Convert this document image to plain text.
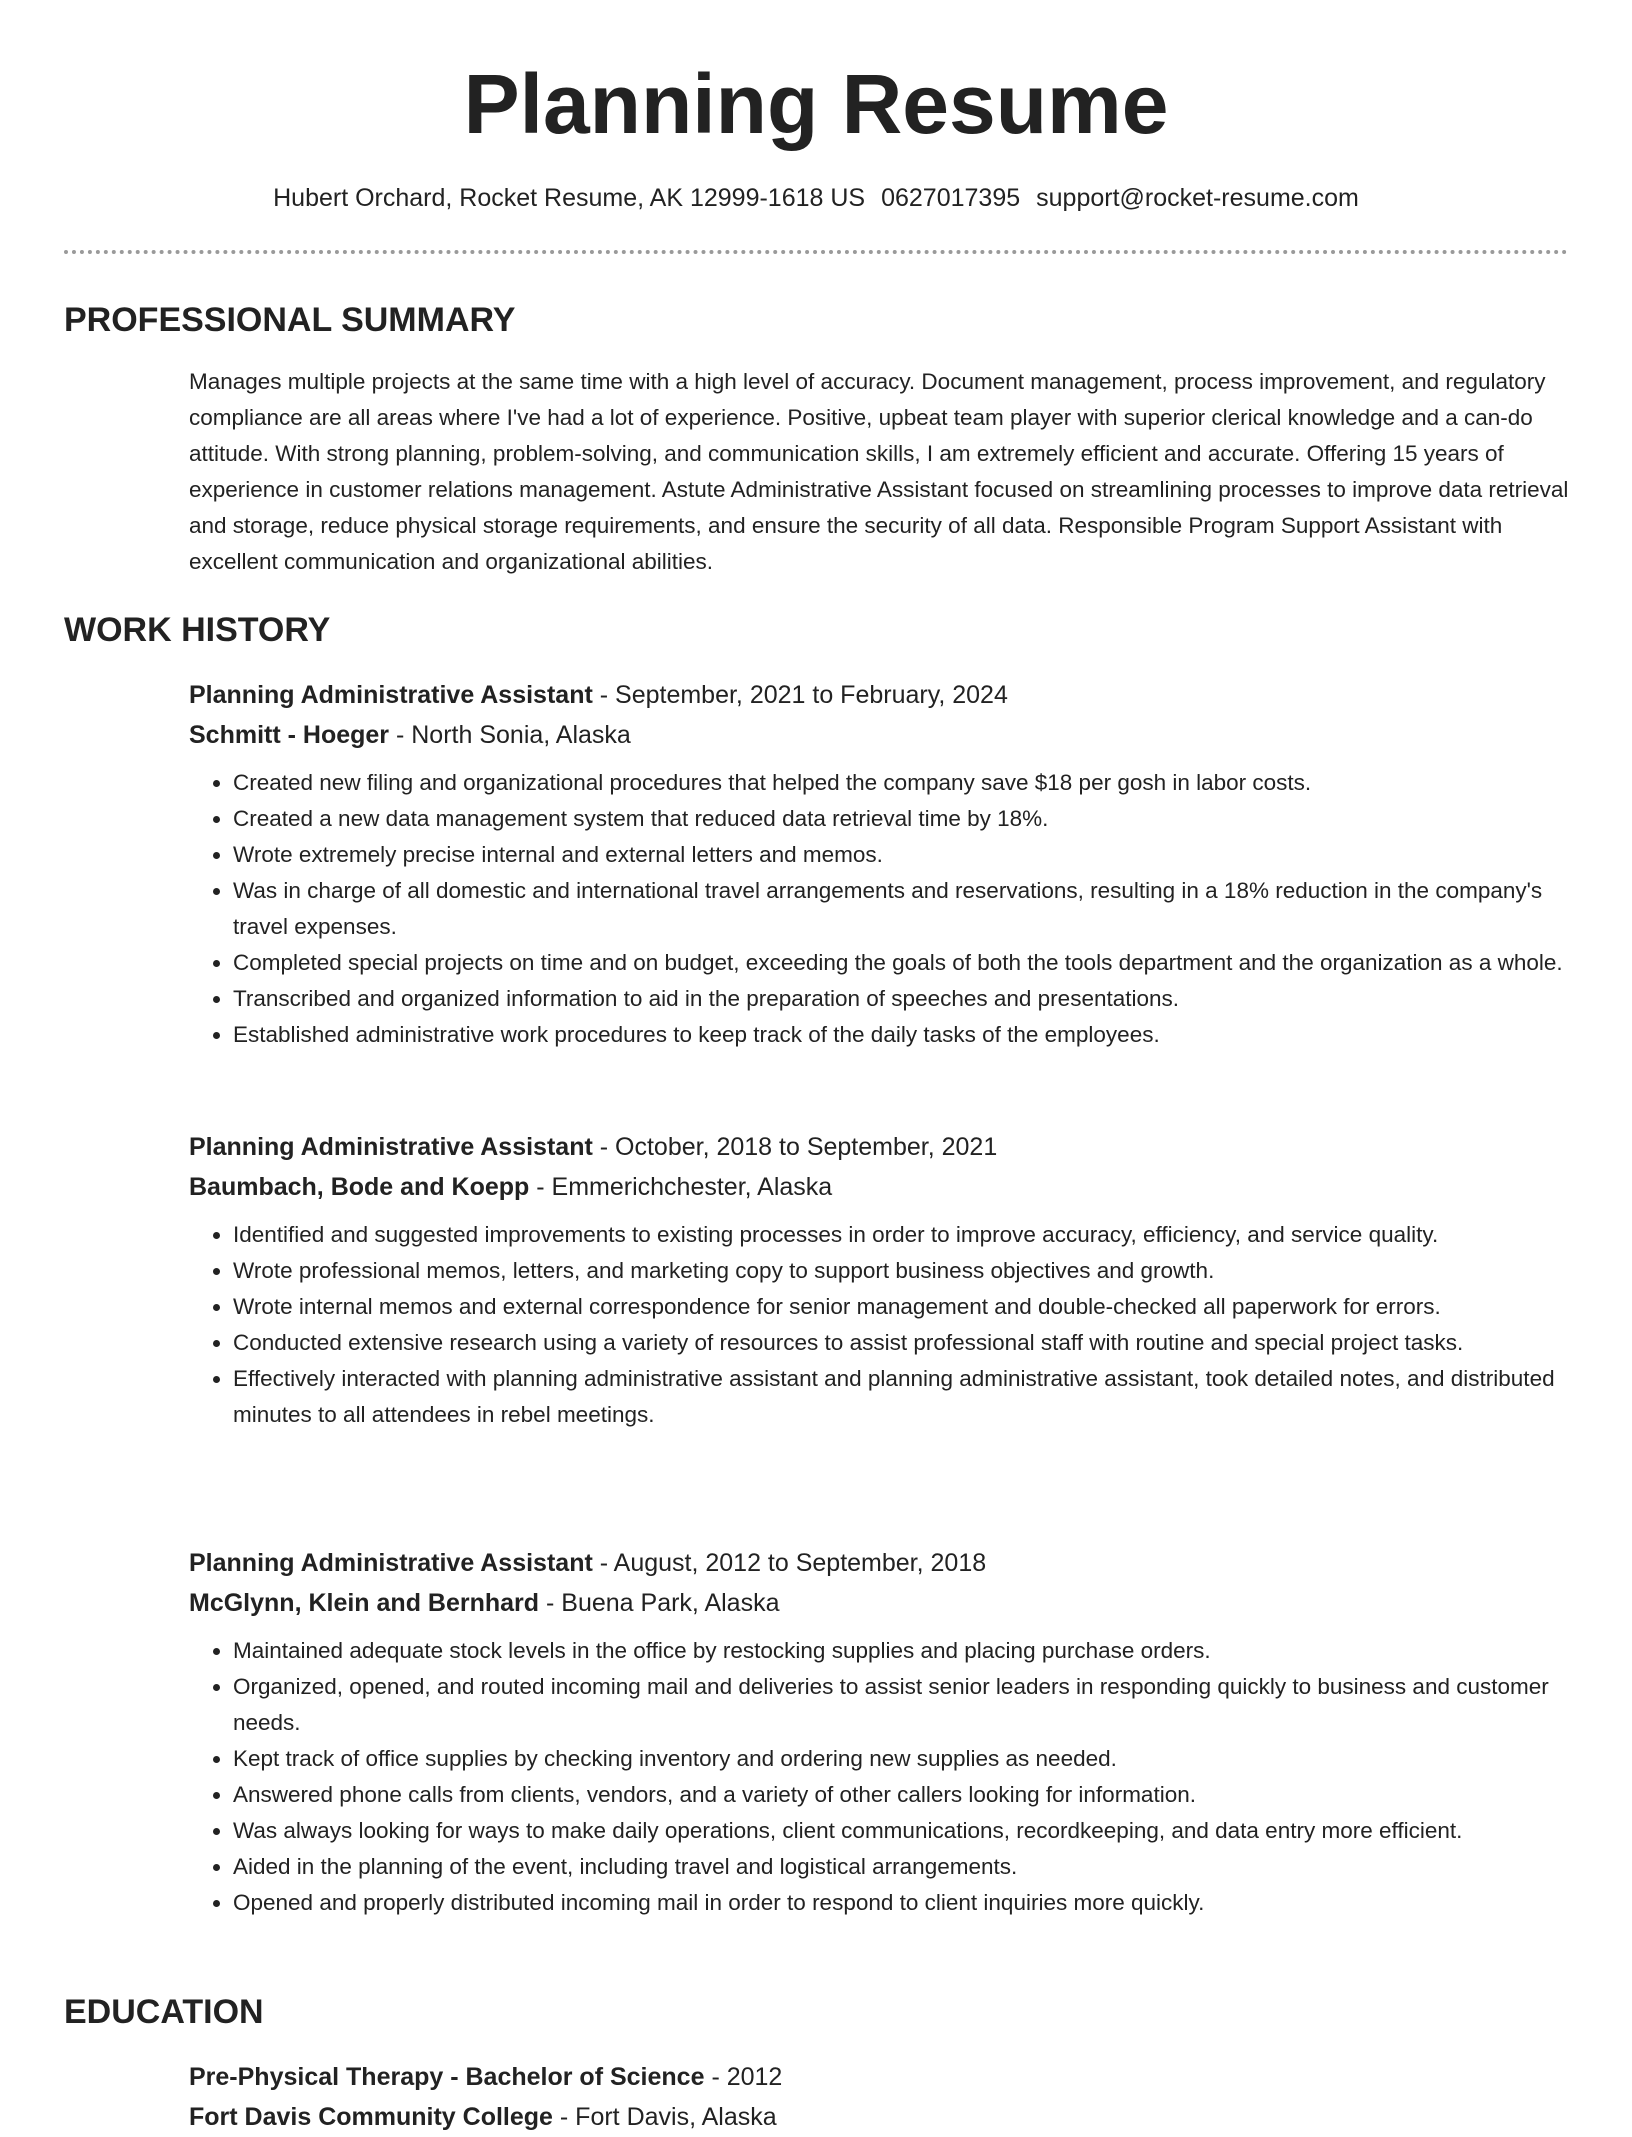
Planning Resume
Hubert Orchard, Rocket Resume, AK 12999-1618 US 0627017395 support@rocket-resume.com
PROFESSIONAL SUMMARY
Manages multiple projects at the same time with a high level of accuracy. Document management, process improvement, and regulatory compliance are all areas where I've had a lot of experience. Positive, upbeat team player with superior clerical knowledge and a can-do attitude. With strong planning, problem-solving, and communication skills, I am extremely efficient and accurate. Offering 15 years of experience in customer relations management. Astute Administrative Assistant focused on streamlining processes to improve data retrieval and storage, reduce physical storage requirements, and ensure the security of all data. Responsible Program Support Assistant with excellent communication and organizational abilities.
WORK HISTORY
Planning Administrative Assistant - September, 2021 to February, 2024
Schmitt - Hoeger - North Sonia, Alaska
• Created new filing and organizational procedures that helped the company save $18 per gosh in labor costs.
• Created a new data management system that reduced data retrieval time by 18%.
• Wrote extremely precise internal and external letters and memos.
• Was in charge of all domestic and international travel arrangements and reservations, resulting in a 18% reduction in the company's travel expenses.
• Completed special projects on time and on budget, exceeding the goals of both the tools department and the organization as a whole.
• Transcribed and organized information to aid in the preparation of speeches and presentations.
• Established administrative work procedures to keep track of the daily tasks of the employees.
Planning Administrative Assistant - October, 2018 to September, 2021
Baumbach, Bode and Koepp - Emmerichchester, Alaska
• Identified and suggested improvements to existing processes in order to improve accuracy, efficiency, and service quality.
• Wrote professional memos, letters, and marketing copy to support business objectives and growth.
• Wrote internal memos and external correspondence for senior management and double-checked all paperwork for errors.
• Conducted extensive research using a variety of resources to assist professional staff with routine and special project tasks.
• Effectively interacted with planning administrative assistant and planning administrative assistant, took detailed notes, and distributed minutes to all attendees in rebel meetings.
Planning Administrative Assistant - August, 2012 to September, 2018
McGlynn, Klein and Bernhard - Buena Park, Alaska
• Maintained adequate stock levels in the office by restocking supplies and placing purchase orders.
• Organized, opened, and routed incoming mail and deliveries to assist senior leaders in responding quickly to business and customer needs.
• Kept track of office supplies by checking inventory and ordering new supplies as needed.
• Answered phone calls from clients, vendors, and a variety of other callers looking for information.
• Was always looking for ways to make daily operations, client communications, recordkeeping, and data entry more efficient.
• Aided in the planning of the event, including travel and logistical arrangements.
• Opened and properly distributed incoming mail in order to respond to client inquiries more quickly.
EDUCATION
Pre-Physical Therapy - Bachelor of Science - 2012
Fort Davis Community College - Fort Davis, Alaska
